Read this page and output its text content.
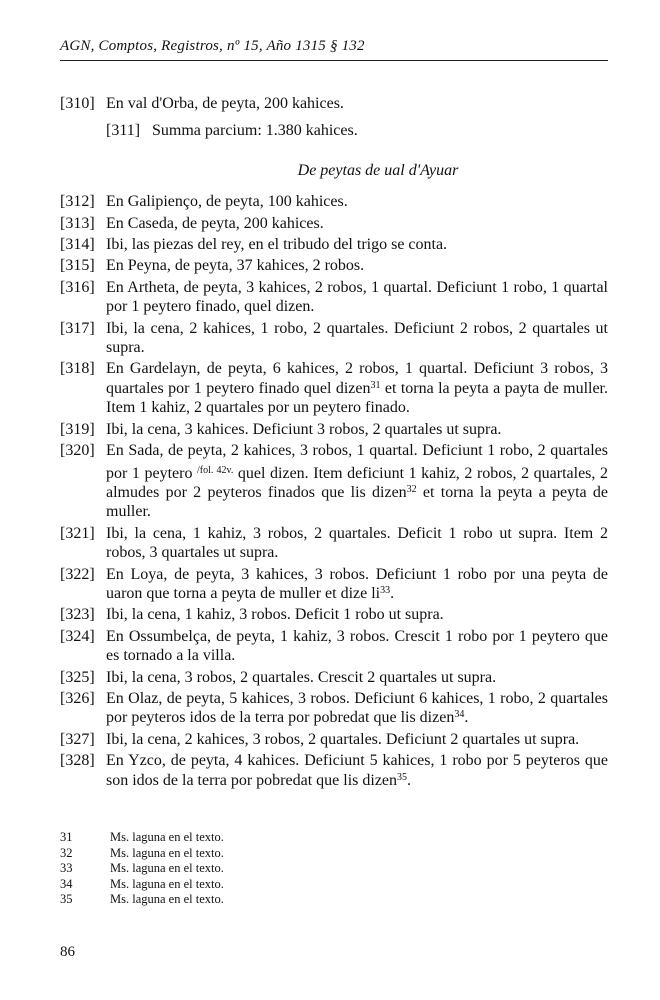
AGN, Comptos, Registros, nº 15, Año 1315 § 132
[310] En val d'Orba, de peyta, 200 kahices.
[311] Summa parcium: 1.380 kahices.
De peytas de ual d'Ayuar
[312] En Galipienço, de peyta, 100 kahices.
[313] En Caseda, de peyta, 200 kahices.
[314] Ibi, las piezas del rey, en el tribudo del trigo se conta.
[315] En Peyna, de peyta, 37 kahices, 2 robos.
[316] En Artheta, de peyta, 3 kahices, 2 robos, 1 quartal. Deficiunt 1 robo, 1 quartal por 1 peytero finado, quel dizen.
[317] Ibi, la cena, 2 kahices, 1 robo, 2 quartales. Deficiunt 2 robos, 2 quartales ut supra.
[318] En Gardelayn, de peyta, 6 kahices, 2 robos, 1 quartal. Deficiunt 3 robos, 3 quartales por 1 peytero finado quel dizen$^{31}$ et torna la peyta a payta de muller. Item 1 kahiz, 2 quartales por un peytero finado.
[319] Ibi, la cena, 3 kahices. Deficiunt 3 robos, 2 quartales ut supra.
[320] En Sada, de peyta, 2 kahices, 3 robos, 1 quartal. Deficiunt 1 robo, 2 quartales por 1 peytero $^{/fol. 42v.}$ quel dizen. Item deficiunt 1 kahiz, 2 robos, 2 quartales, 2 almudes por 2 peyteros finados que lis dizen$^{32}$ et torna la peyta a peyta de muller.
[321] Ibi, la cena, 1 kahiz, 3 robos, 2 quartales. Deficit 1 robo ut supra. Item 2 robos, 3 quartales ut supra.
[322] En Loya, de peyta, 3 kahices, 3 robos. Deficiunt 1 robo por una peyta de uaron que torna a peyta de muller et dize $li^{33}$.
[323] Ibi, la cena, 1 kahiz, 3 robos. Deficit 1 robo ut supra.
[324] En Ossumbelça, de peyta, 1 kahiz, 3 robos. Crescit 1 robo por 1 peytero que es tornado a la villa.
[325] Ibi, la cena, 3 robos, 2 quartales. Crescit 2 quartales ut supra.
[326] En Olaz, de peyta, 5 kahices, 3 robos. Deficiunt 6 kahices, 1 robo, 2 quartales por peyteros idos de la terra por pobredat que lis dizen$^{34}$.
[327] Ibi, la cena, 2 kahices, 3 robos, 2 quartales. Deficiunt 2 quartales ut supra.
[328] En Yzco, de peyta, 4 kahices. Deficiunt 5 kahices, 1 robo por 5 peyteros que son idos de la terra por pobredat que lis dizen$^{35}$.
31	Ms. laguna en el texto.
32	Ms. laguna en el texto.
33	Ms. laguna en el texto.
34	Ms. laguna en el texto.
35	Ms. laguna en el texto.
86
